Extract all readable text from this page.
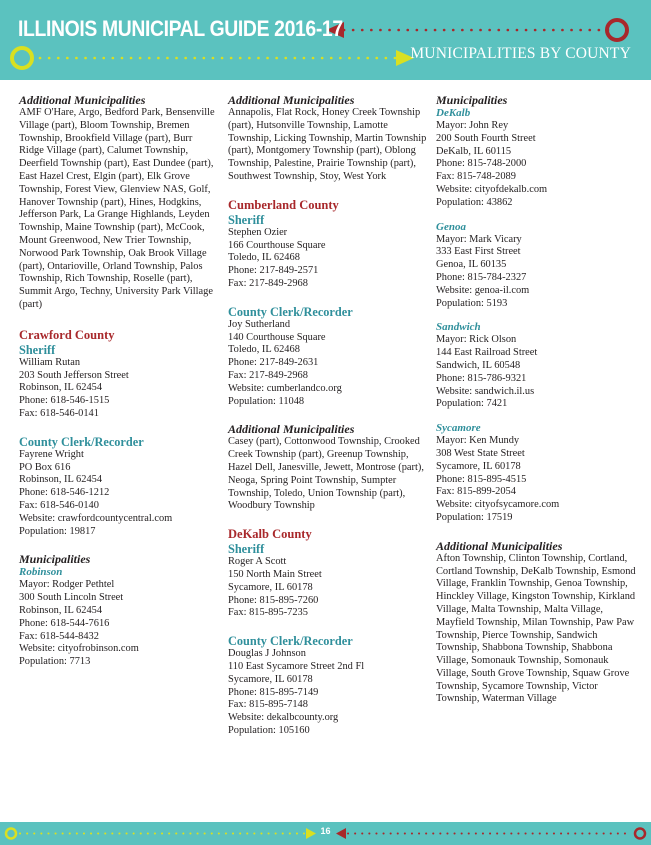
ILLINOIS MUNICIPAL GUIDE 2016-17
MUNICIPALITIES BY COUNTY
Additional Municipalities
AMF O'Hare, Argo, Bedford Park, Bensenville Village (part), Bloom Township, Bremen Township, Brookfield Village (part), Burr Ridge Village (part), Calumet Township, Deerfield Township (part), East Dundee (part), East Hazel Crest, Elgin (part), Elk Grove Township, Forest View, Glenview NAS, Golf, Hanover Township (part), Hines, Hodgkins, Jefferson Park, La Grange Highlands, Leyden Township, Maine Township (part), McCook, Mount Greenwood, New Trier Township, Norwood Park Township, Oak Brook Village (part), Ontarioville, Orland Township, Palos Township, Rich Township, Roselle (part), Summit Argo, Techny, University Park Village (part)
Crawford County
Sheriff
William Rutan
203 South Jefferson Street
Robinson, IL 62454
Phone: 618-546-1515
Fax: 618-546-0141
County Clerk/Recorder
Fayrene Wright
PO Box 616
Robinson, IL 62454
Phone: 618-546-1212
Fax: 618-546-0140
Website: crawfordcountycentral.com
Population: 19817
Municipalities
Robinson
Mayor: Rodger Pethtel
300 South Lincoln Street
Robinson, IL 62454
Phone: 618-544-7616
Fax: 618-544-8432
Website: cityofrobinson.com
Population: 7713
Additional Municipalities
Annapolis, Flat Rock, Honey Creek Township (part), Hutsonville Township, Lamotte Township, Licking Township, Martin Township (part), Montgomery Township (part), Oblong Township, Palestine, Prairie Township (part), Southwest Township, Stoy, West York
Cumberland County
Sheriff
Stephen Ozier
166 Courthouse Square
Toledo, IL 62468
Phone: 217-849-2571
Fax: 217-849-2968
County Clerk/Recorder
Joy Sutherland
140 Courthouse Square
Toledo, IL 62468
Phone: 217-849-2631
Fax: 217-849-2968
Website: cumberlandco.org
Population: 11048
Additional Municipalities
Casey (part), Cottonwood Township, Crooked Creek Township (part), Greenup Township, Hazel Dell, Janesville, Jewett, Montrose (part), Neoga, Spring Point Township, Sumpter Township, Toledo, Union Township (part), Woodbury Township
DeKalb County
Sheriff
Roger A Scott
150 North Main Street
Sycamore, IL 60178
Phone: 815-895-7260
Fax: 815-895-7235
County Clerk/Recorder
Douglas J Johnson
110 East Sycamore Street 2nd Fl
Sycamore, IL 60178
Phone: 815-895-7149
Fax: 815-895-7148
Website: dekalbcounty.org
Population: 105160
Municipalities
DeKalb
Mayor: John Rey
200 South Fourth Street
DeKalb, IL 60115
Phone: 815-748-2000
Fax: 815-748-2089
Website: cityofdekalb.com
Population: 43862
Genoa
Mayor: Mark Vicary
333 East First Street
Genoa, IL 60135
Phone: 815-784-2327
Website: genoa-il.com
Population: 5193
Sandwich
Mayor: Rick Olson
144 East Railroad Street
Sandwich, IL 60548
Phone: 815-786-9321
Website: sandwich.il.us
Population: 7421
Sycamore
Mayor: Ken Mundy
308 West State Street
Sycamore, IL 60178
Phone: 815-895-4515
Fax: 815-899-2054
Website: cityofsycamore.com
Population: 17519
Additional Municipalities
Afton Township, Clinton Township, Cortland, Cortland Township, DeKalb Township, Esmond Village, Franklin Township, Genoa Township, Hinckley Village, Kingston Township, Kirkland Village, Malta Township, Malta Village, Mayfield Township, Milan Township, Paw Paw Township, Pierce Township, Sandwich Township, Shabbona Township, Shabbona Village, Somonauk Township, Somonauk Village, South Grove Township, Squaw Grove Township, Sycamore Township, Victor Township, Waterman Village
16
